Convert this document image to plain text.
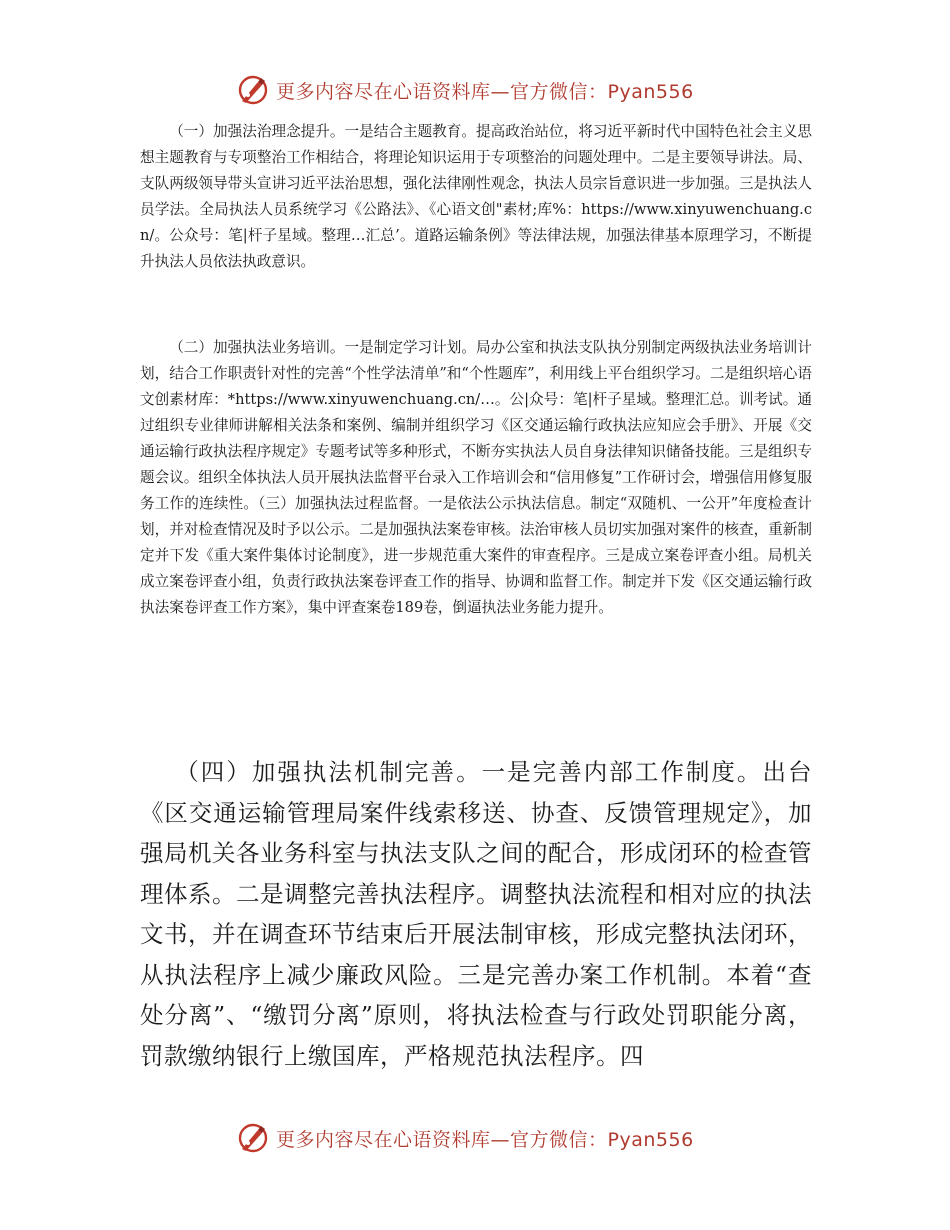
更多内容尽在心语资料库—官方微信：Pyan556

（一）加强法治理念提升。一是结合主题教育。提高政治站位，将习近平新时代中国特色社会主义思想主题教育与专项整治工作相结合，将理论知识运用于专项整治的问题处理中。二是主要领导讲法。局、支队两级领导带头宣讲习近平法治思想，强化法律刚性观念，执法人员宗旨意识进一步加强。三是执法人员学法。全局执法人员系统学习《公路法》、《心语文创"素材;库%：https://www.xinyuwenchuang.cn/。公众号：笔|杆子星域。整理…汇总’。道路运输条例》等法律法规，加强法律基本原理学习，不断提升执法人员依法执政意识。

（二）加强执法业务培训。一是制定学习计划。局办公室和执法支队执分别制定两级执法业务培训计划，结合工作职责针对性的完善“个性学法清单”和“个性题库”，利用线上平台组织学习。二是组织培心语文创素材库：*https://www.xinyuwenchuang.cn/…。公|众号：笔|杆子星域。整理汇总。训考试。通过组织专业律师讲解相关法条和案例、编制并组织学习《区交通运输行政执法应知应会手册》、开展《交通运输行政执法程序规定》专题考试等多种形式，不断夯实执法人员自身法律知识储备技能。三是组织专题会议。组织全体执法人员开展执法监督平台录入工作培训会和“信用修复”工作研讨会，增强信用修复服务工作的连续性。（三）加强执法过程监督。一是依法公示执法信息。制定“双随机、一公开”年度检查计划，并对检查情况及时予以公示。二是加强执法案卷审核。法治审核人员切实加强对案件的核查，重新制定并下发《重大案件集体讨论制度》，进一步规范重大案件的审查程序。三是成立案卷评查小组。局机关成立案卷评查小组，负责行政执法案卷评查工作的指导、协调和监督工作。制定并下发《区交通运输行政执法案卷评查工作方案》，集中评查案卷189卷，倒逼执法业务能力提升。

（四）加强执法机制完善。一是完善内部工作制度。出台《区交通运输管理局案件线索移送、协查、反馈管理规定》，加强局机关各业务科室与执法支队之间的配合，形成闭环的检查管理体系。二是调整完善执法程序。调整执法流程和相对应的执法文书，并在调查环节结束后开展法制审核，形成完整执法闭环，从执法程序上减少廉政风险。三是完善办案工作机制。本着“查处分离”、“缴罚分离”原则，将执法检查与行政处罚职能分离，罚款缴纳银行上缴国库，严格规范执法程序。四

更多内容尽在心语资料库—官方微信：Pyan556
